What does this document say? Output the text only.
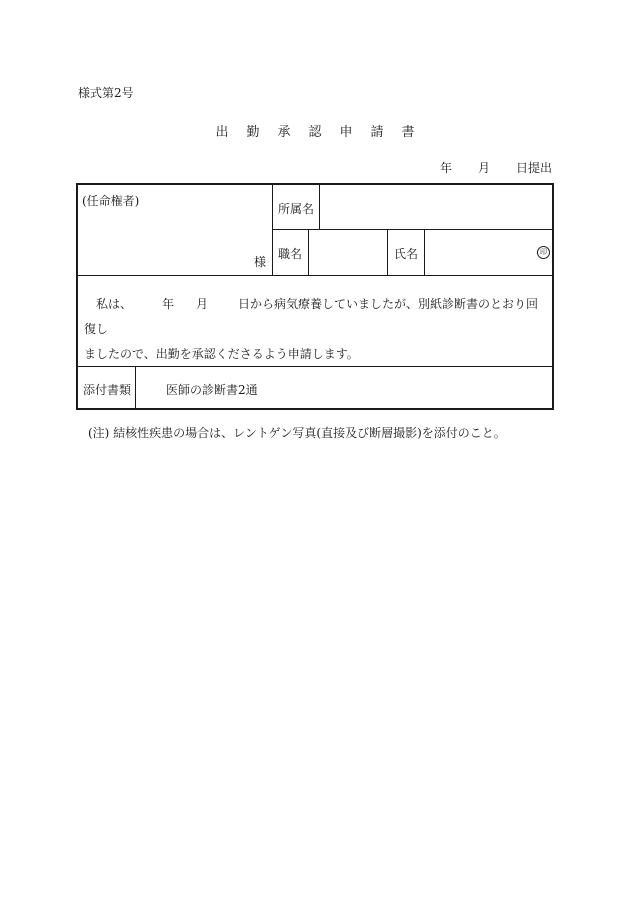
様式第2号
出 勤 承 認 申 請 書
年 月 日提出
(任命権者)
様
所属名
職名	氏名	印
私は、	年 月	日から病気療養していましたが、別紙診断書のとおり回復し
ましたので、出勤を承認くださるよう申請します。
添付書類	医師の診断書2通
(注) 結核性疾患の場合は、レントゲン写真(直接及び断層撮影)を添付のこと。
